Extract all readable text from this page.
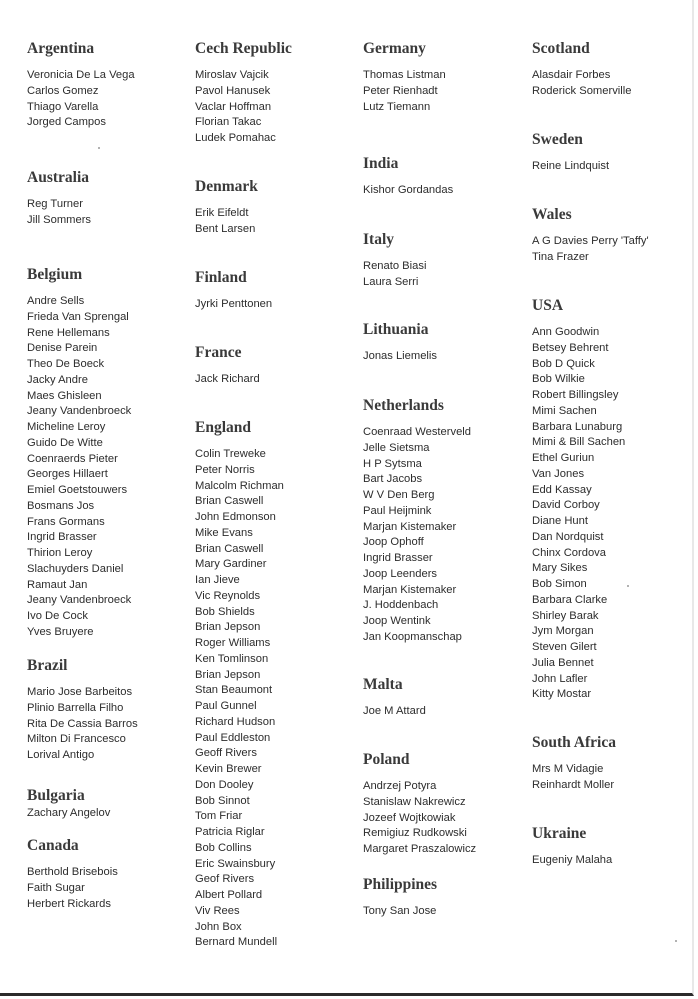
Argentina
Veronicia De La Vega
Carlos Gomez
Thiago Varella
Jorged Campos
Australia
Reg Turner
Jill Sommers
Belgium
Andre Sells
Frieda Van Sprengal
Rene Hellemans
Denise Parein
Theo De Boeck
Jacky Andre
Maes Ghisleen
Jeany Vandenbroeck
Micheline Leroy
Guido De Witte
Coenraerds Pieter
Georges Hillaert
Emiel Goetstouwers
Bosmans Jos
Frans Gormans
Ingrid Brasser
Thirion Leroy
Slachuyders Daniel
Ramaut Jan
Jeany Vandenbroeck
Ivo De Cock
Yves Bruyere
Brazil
Mario Jose Barbeitos
Plinio Barrella Filho
Rita De Cassia Barros
Milton Di Francesco
Lorival Antigo
Bulgaria
Zachary Angelov
Canada
Berthold Brisebois
Faith Sugar
Herbert Rickards
Cech Republic
Miroslav Vajcik
Pavol Hanusek
Vaclar Hoffman
Florian Takac
Ludek Pomahac
Denmark
Erik Eifeldt
Bent Larsen
Finland
Jyrki Penttonen
France
Jack Richard
England
Colin Treweke
Peter Norris
Malcolm Richman
Brian Caswell
John Edmonson
Mike Evans
Brian Caswell
Mary Gardiner
Ian Jieve
Vic Reynolds
Bob Shields
Brian Jepson
Roger Williams
Ken Tomlinson
Brian Jepson
Stan Beaumont
Paul Gunnel
Richard Hudson
Paul Eddleston
Geoff Rivers
Kevin Brewer
Don Dooley
Bob Sinnot
Tom Friar
Patricia Riglar
Bob Collins
Eric Swainsbury
Geof Rivers
Albert Pollard
Viv Rees
John Box
Bernard Mundell
Germany
Thomas Listman
Peter Rienhadt
Lutz Tiemann
India
Kishor Gordandas
Italy
Renato Biasi
Laura Serri
Lithuania
Jonas Liemelis
Netherlands
Coenraad Westerveld
Jelle Sietsma
H P Sytsma
Bart Jacobs
W V Den Berg
Paul Heijmink
Marjan Kistemaker
Joop Ophoff
Ingrid Brasser
Joop Leenders
Marjan Kistemaker
J. Hoddenbach
Joop Wentink
Jan Koopmanschap
Malta
Joe M Attard
Poland
Andrzej Potyra
Stanislaw Nakrewicz
Jozeef Wojtkowiak
Remigiuz Rudkowski
Margaret Praszalowicz
Philippines
Tony San Jose
Scotland
Alasdair Forbes
Roderick Somerville
Sweden
Reine Lindquist
Wales
A G Davies Perry 'Taffy'
Tina Frazer
USA
Ann Goodwin
Betsey Behrent
Bob D Quick
Bob Wilkie
Robert Billingsley
Mimi Sachen
Barbara Lunaburg
Mimi & Bill Sachen
Ethel Guriun
Van Jones
Edd Kassay
David Corboy
Diane Hunt
Dan Nordquist
Chinx Cordova
Mary Sikes
Bob Simon
Barbara Clarke
Shirley Barak
Jym Morgan
Steven Gilert
Julia Bennet
John Lafler
Kitty Mostar
South Africa
Mrs M Vidagie
Reinhardt Moller
Ukraine
Eugeniy Malaha
